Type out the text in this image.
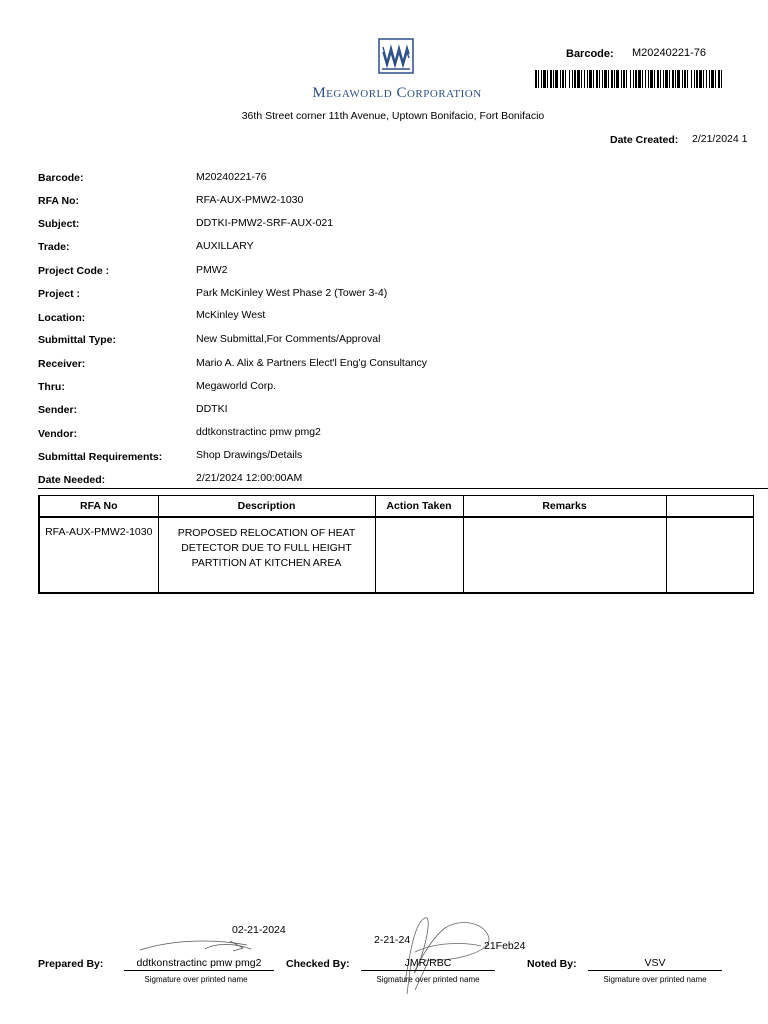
Megaworld Corporation
36th Street corner 11th Avenue, Uptown Bonifacio, Fort Bonifacio
Barcode: M20240221-76
Date Created: 2/21/2024 1
Barcode:	M20240221-76
RFA No:	RFA-AUX-PMW2-1030
Subject:	DDTKI-PMW2-SRF-AUX-021
Trade:	AUXILLARY
Project Code :	PMW2
Project :	Park McKinley West Phase 2 (Tower 3-4)
Location:	McKinley West
Submittal Type:	New Submittal,For Comments/Approval
Receiver:	Mario A. Alix & Partners Elect'l Eng'g Consultancy
Thru:	Megaworld Corp.
Sender:	DDTKI
Vendor:	ddtkonstractinc pmw pmg2
Submittal Requirements:	Shop Drawings/Details
Date Needed:	2/21/2024 12:00:00AM
RFA No	Description	Action Taken	Remarks	
RFA-AUX-PMW2-1030	PROPOSED RELOCATION OF HEAT DETECTOR DUE TO FULL HEIGHT PARTITION AT KITCHEN AREA			
Prepared By:
02-21-2024
ddtkonstractinc pmw pmg2
Sigmature over printed name
Checked By:
2-21-24	21Feb24
JMR/RBC
Sigmature over printed name
Noted By:	VSV
Sigmature over printed name
